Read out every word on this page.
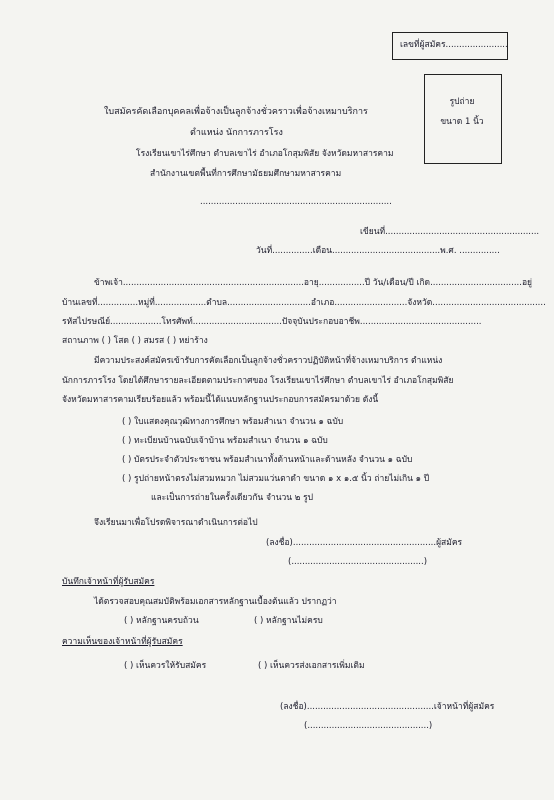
เลขที่ผู้สมัคร.......................
รูปถ่าย
ขนาด 1 นิ้ว
ใบสมัครคัดเลือกบุคคลเพื่อจ้างเป็นลูกจ้างชั่วคราวเพื่อจ้างเหมาบริการ
ตำแหน่ง นักการภารโรง
โรงเรียนเขาไร่ศึกษา ตำบลเขาไร่ อำเภอโกสุมพิสัย จังหวัดมหาสารคาม
สำนักงานเขตพื้นที่การศึกษามัธยมศึกษามหาสารคาม
.......................................................................
เขียนที่.........................................................
วันที่...............เดือน........................................พ.ศ. ...............
ข้าพเจ้า...................................................................อายุ.................ปี วัน/เดือน/ปี เกิด..................................อยู่
บ้านเลขที่...............หมู่ที่...................ตำบล...............................อำเภอ...........................จังหวัด..........................................
รหัสไปรษณีย์...................โทรศัพท์.................................ปัจจุบันประกอบอาชีพ.............................................
สถานภาพ ( ) โสด ( ) สมรส ( ) หย่าร้าง
มีความประสงค์สมัครเข้ารับการคัดเลือกเป็นลูกจ้างชั่วคราวปฏิบัติหน้าที่จ้างเหมาบริการ ตำแหน่ง
นักการภารโรง โดยได้ศึกษารายละเอียดตามประกาศของ โรงเรียนเขาไร่ศึกษา ตำบลเขาไร่ อำเภอโกสุมพิสัย
จังหวัดมหาสารคามเรียบร้อยแล้ว พร้อมนี้ได้แนบหลักฐานประกอบการสมัครมาด้วย ดังนี้
( ) ใบแสดงคุณวุฒิทางการศึกษา พร้อมสำเนา จำนวน ๑ ฉบับ
( ) ทะเบียนบ้านฉบับเจ้าบ้าน พร้อมสำเนา จำนวน ๑ ฉบับ
( ) บัตรประจำตัวประชาชน พร้อมสำเนาทั้งด้านหน้าและด้านหลัง จำนวน ๑ ฉบับ
( ) รูปถ่ายหน้าตรงไม่สวมหมวก ไม่สวมแว่นตาดำ ขนาด ๑ x ๑.๕ นิ้ว ถ่ายไม่เกิน ๑ ปี
และเป็นการถ่ายในครั้งเดียวกัน จำนวน ๒ รูป
จึงเรียนมาเพื่อโปรดพิจารณาดำเนินการต่อไป
(ลงชื่อ).....................................................ผู้สมัคร
(.................................................)
บันทึกเจ้าหน้าที่ผู้รับสมัคร
ได้ตรวจสอบคุณสมบัติพร้อมเอกสารหลักฐานเบื้องต้นแล้ว ปรากฏว่า
( ) หลักฐานครบถ้วน	( ) หลักฐานไม่ครบ
ความเห็นของเจ้าหน้าที่ผู้รับสมัคร
( ) เห็นควรให้รับสมัคร	( ) เห็นควรส่งเอกสารเพิ่มเติม
(ลงชื่อ)...............................................เจ้าหน้าที่ผู้สมัคร
(.............................................)
